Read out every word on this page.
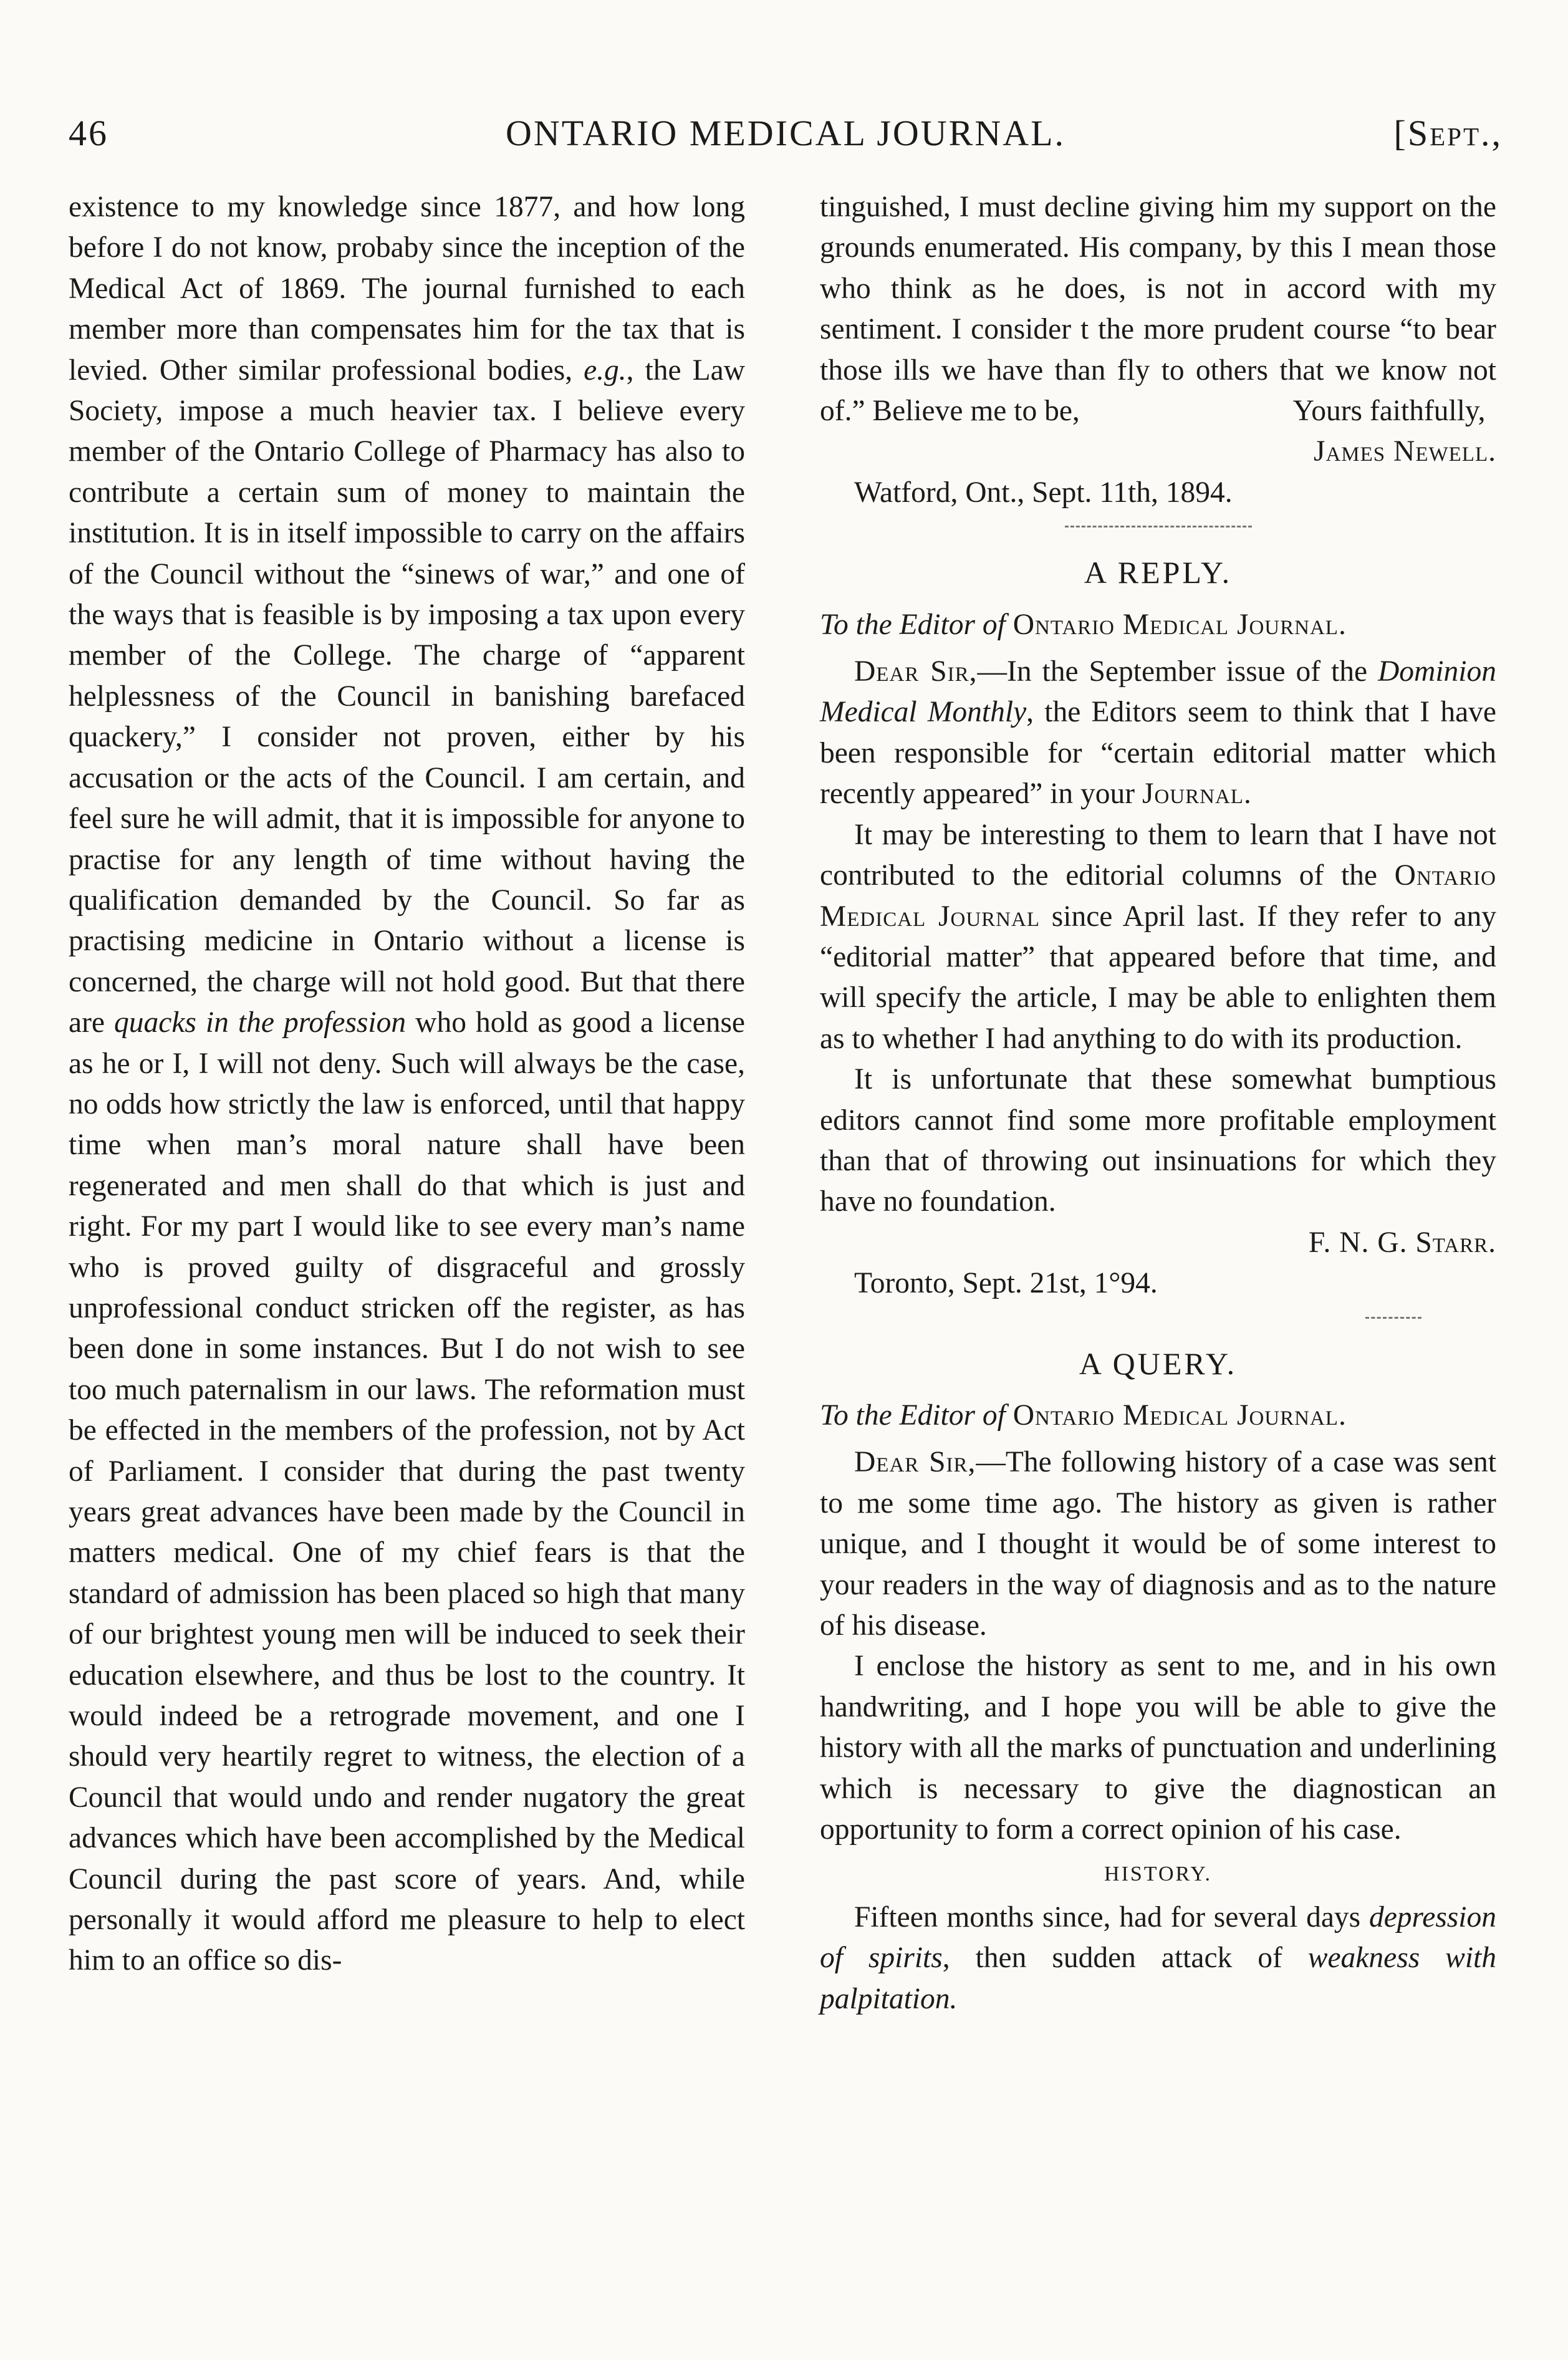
46	ONTARIO MEDICAL JOURNAL.	[Sept.,

existence to my knowledge since 1877, and how long before I do not know, probaby since the inception of the Medical Act of 1869. The journal furnished to each member more than compensates him for the tax that is levied. Other similar professional bodies, e.g., the Law Society, impose a much heavier tax. I believe every member of the Ontario College of Pharmacy has also to contribute a certain sum of money to maintain the institution. It is in itself impossible to carry on the affairs of the Council without the “sinews of war,” and one of the ways that is feasible is by imposing a tax upon every member of the College. The charge of “apparent helplessness of the Council in banishing barefaced quackery,” I consider not proven, either by his accusation or the acts of the Council. I am certain, and feel sure he will admit, that it is impossible for anyone to practise for any length of time without having the qualification demanded by the Council. So far as practising medicine in Ontario without a license is concerned, the charge will not hold good. But that there are quacks in the profession who hold as good a license as he or I, I will not deny. Such will always be the case, no odds how strictly the law is enforced, until that happy time when man’s moral nature shall have been regenerated and men shall do that which is just and right. For my part I would like to see every man’s name who is proved guilty of disgraceful and grossly unprofessional conduct stricken off the register, as has been done in some instances. But I do not wish to see too much paternalism in our laws. The reformation must be effected in the members of the profession, not by Act of Parliament. I consider that during the past twenty years great advances have been made by the Council in matters medical. One of my chief fears is that the standard of admission has been placed so high that many of our brightest young men will be induced to seek their education elsewhere, and thus be lost to the country. It would indeed be a retrograde movement, and one I should very heartily regret to witness, the election of a Council that would undo and render nugatory the great advances which have been accomplished by the Medical Council during the past score of years. And, while personally it would afford me pleasure to help to elect him to an office so dis-

tinguished, I must decline giving him my support on the grounds enumerated. His company, by this I mean those who think as he does, is not in accord with my sentiment. I consider t the more prudent course “to bear those ills we have than fly to others that we know not of.” Believe me to be,	Yours faithfully,

James Newell.

Watford, Ont., Sept. 11th, 1894.

A REPLY.

To the Editor of Ontario Medical Journal.

Dear Sir,—In the September issue of the Dominion Medical Monthly, the Editors seem to think that I have been responsible for “certain editorial matter which recently appeared” in your Journal.

It may be interesting to them to learn that I have not contributed to the editorial columns of the Ontario Medical Journal since April last. If they refer to any “editorial matter” that appeared before that time, and will specify the article, I may be able to enlighten them as to whether I had anything to do with its production.

It is unfortunate that these somewhat bumptious editors cannot find some more profitable employment than that of throwing out insinuations for which they have no foundation.

F. N. G. Starr.

Toronto, Sept. 21st, 1°94.

A QUERY.

To the Editor of Ontario Medical Journal.

Dear Sir,—The following history of a case was sent to me some time ago. The history as given is rather unique, and I thought it would be of some interest to your readers in the way of diagnosis and as to the nature of his disease.

I enclose the history as sent to me, and in his own handwriting, and I hope you will be able to give the history with all the marks of punctuation and underlining which is necessary to give the diagnostican an opportunity to form a correct opinion of his case.

HISTORY.

Fifteen months since, had for several days depression of spirits, then sudden attack of weakness with palpitation.
